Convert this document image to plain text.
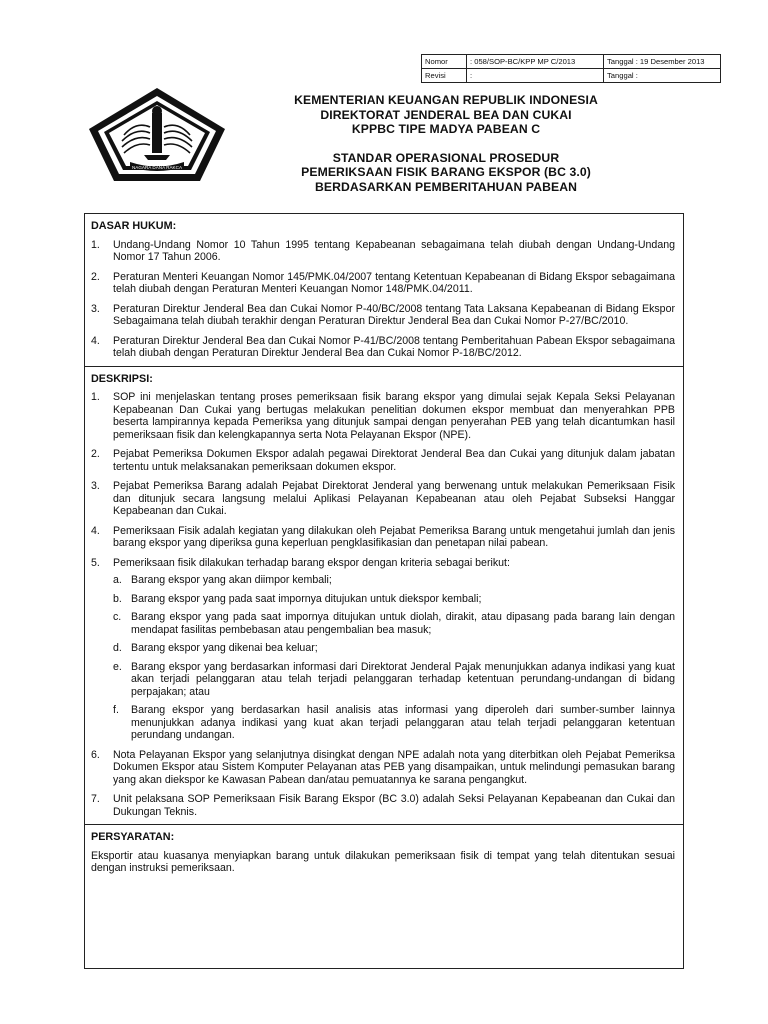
Nomor	: 058/SOP-BC/KPP MP C/2013	Tanggal : 19 Desember 2013
Revisi	:	Tanggal :
NAGARA DANA RAKCA
KEMENTERIAN KEUANGAN REPUBLIK INDONESIA
DIREKTORAT JENDERAL BEA DAN CUKAI
KPPBC TIPE MADYA PABEAN C
STANDAR OPERASIONAL PROSEDUR
PEMERIKSAAN FISIK BARANG EKSPOR (BC 3.0)
BERDASARKAN PEMBERITAHUAN PABEAN
DASAR HUKUM:
1.	Undang-Undang Nomor 10 Tahun 1995 tentang Kepabeanan sebagaimana telah diubah dengan Undang-Undang Nomor 17 Tahun 2006.
2.	Peraturan Menteri Keuangan Nomor 145/PMK.04/2007 tentang Ketentuan Kepabeanan di Bidang Ekspor sebagaimana telah diubah dengan Peraturan Menteri Keuangan Nomor 148/PMK.04/2011.
3.	Peraturan Direktur Jenderal Bea dan Cukai Nomor P-40/BC/2008 tentang Tata Laksana Kepabeanan di Bidang Ekspor Sebagaimana telah diubah terakhir dengan Peraturan Direktur Jenderal Bea dan Cukai Nomor P-27/BC/2010.
4.	Peraturan Direktur Jenderal Bea dan Cukai Nomor P-41/BC/2008 tentang Pemberitahuan Pabean Ekspor sebagaimana telah diubah dengan Peraturan Direktur Jenderal Bea dan Cukai Nomor P-18/BC/2012.
DESKRIPSI:
1.	SOP ini menjelaskan tentang proses pemeriksaan fisik barang ekspor yang dimulai sejak Kepala Seksi Pelayanan Kepabeanan Dan Cukai yang bertugas melakukan penelitian dokumen ekspor membuat dan menyerahkan PPB beserta lampirannya kepada Pemeriksa yang ditunjuk sampai dengan penyerahan PEB yang telah dicantumkan hasil pemeriksaan fisik dan kelengkapannya serta Nota Pelayanan Ekspor (NPE).
2.	Pejabat Pemeriksa Dokumen Ekspor adalah pegawai Direktorat Jenderal Bea dan Cukai yang ditunjuk dalam jabatan tertentu untuk melaksanakan pemeriksaan dokumen ekspor.
3.	Pejabat Pemeriksa Barang adalah Pejabat Direktorat Jenderal yang berwenang untuk melakukan Pemeriksaan Fisik dan ditunjuk secara langsung melalui Aplikasi Pelayanan Kepabeanan atau oleh Pejabat Subseksi Hanggar Kepabeanan dan Cukai.
4.	Pemeriksaan Fisik adalah kegiatan yang dilakukan oleh Pejabat Pemeriksa Barang untuk mengetahui jumlah dan jenis barang ekspor yang diperiksa guna keperluan pengklasifikasian dan penetapan nilai pabean.
5.	Pemeriksaan fisik dilakukan terhadap barang ekspor dengan kriteria sebagai berikut:
a. Barang ekspor yang akan diimpor kembali;
b. Barang ekspor yang pada saat impornya ditujukan untuk diekspor kembali;
c. Barang ekspor yang pada saat impornya ditujukan untuk diolah, dirakit, atau dipasang pada barang lain dengan mendapat fasilitas pembebasan atau pengembalian bea masuk;
d. Barang ekspor yang dikenai bea keluar;
e. Barang ekspor yang berdasarkan informasi dari Direktorat Jenderal Pajak menunjukkan adanya indikasi yang kuat akan terjadi pelanggaran atau telah terjadi pelanggaran terhadap ketentuan perundang-undangan di bidang perpajakan; atau
f.	Barang ekspor yang berdasarkan hasil analisis atas informasi yang diperoleh dari sumber-sumber lainnya menunjukkan adanya indikasi yang kuat akan terjadi pelanggaran atau telah terjadi pelanggaran ketentuan perundang undangan.
6.	Nota Pelayanan Ekspor yang selanjutnya disingkat dengan NPE adalah nota yang diterbitkan oleh Pejabat Pemeriksa Dokumen Ekspor atau Sistem Komputer Pelayanan atas PEB yang disampaikan, untuk melindungi pemasukan barang yang akan diekspor ke Kawasan Pabean dan/atau pemuatannya ke sarana pengangkut.
7.	Unit pelaksana SOP Pemeriksaan Fisik Barang Ekspor (BC 3.0) adalah Seksi Pelayanan Kepabeanan dan Cukai dan Dukungan Teknis.
PERSYARATAN:
Eksportir atau kuasanya menyiapkan barang untuk dilakukan pemeriksaan fisik di tempat yang telah ditentukan sesuai dengan instruksi pemeriksaan.
